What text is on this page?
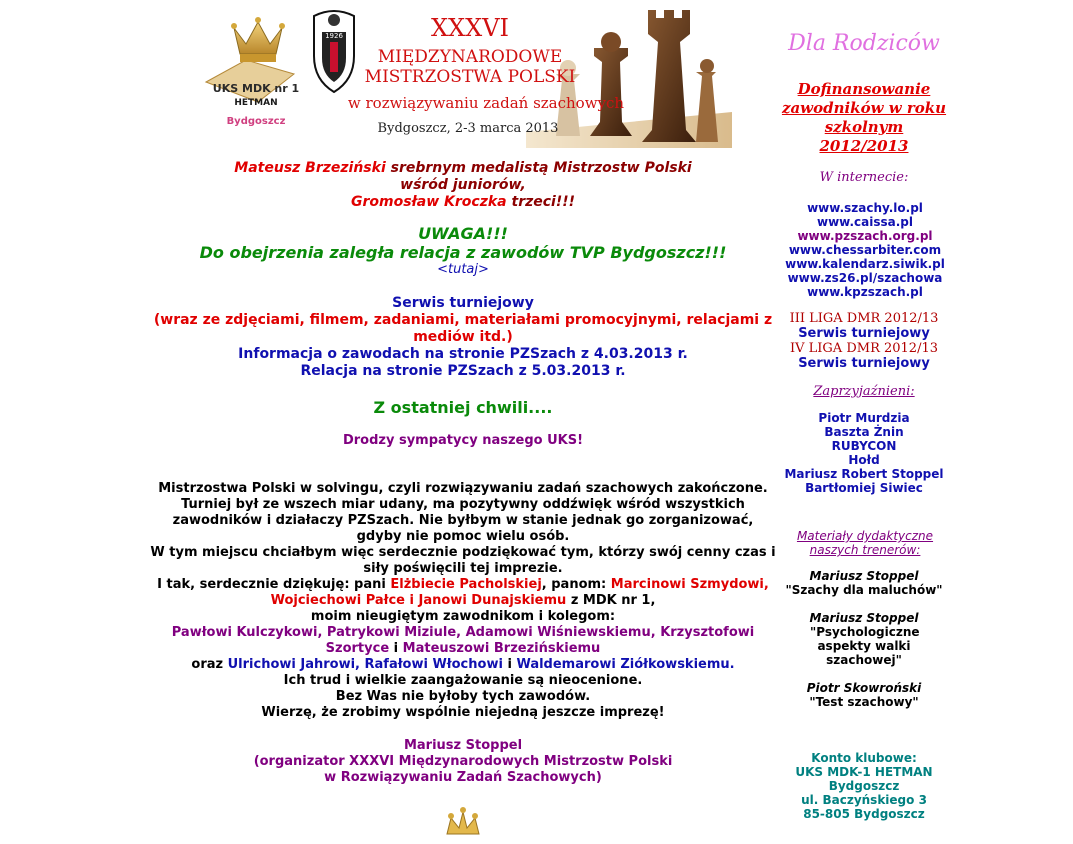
UKS MDK nr 1
HETMAN
Bydgoszcz
1926	XXXVI
MIĘDZYNARODOWE
MISTRZOSTWA POLSKI
w rozwiązywaniu zadań szachowych
Bydgoszcz, 2-3 marca 2013
Mateusz Brzeziński srebrnym medalistą Mistrzostw Polski
wśród juniorów,
Gromosław Kroczka trzeci!!!
UWAGA!!!
Do obejrzenia zaległa relacja z zawodów TVP Bydgoszcz!!!
<tutaj>
Serwis turniejowy
(wraz ze zdjęciami, filmem, zadaniami, materiałami promocyjnymi, relacjami z mediów itd.)
Informacja o zawodach na stronie PZSzach z 4.03.2013 r.
Relacja na stronie PZSzach z 5.03.2013 r.
Z ostatniej chwili....
Drodzy sympatycy naszego UKS!
Mistrzostwa Polski w solvingu, czyli rozwiązywaniu zadań szachowych zakończone.
Turniej był ze wszech miar udany, ma pozytywny oddźwięk wśród wszystkich zawodników i działaczy PZSzach. Nie byłbym w stanie jednak go zorganizować, gdyby nie pomoc wielu osób.
W tym miejscu chciałbym więc serdecznie podziękować tym, którzy swój cenny czas i siły poświęcili tej imprezie.
I tak, serdecznie dziękuję: pani Elżbiecie Pacholskiej, panom: Marcinowi Szmydowi, Wojciechowi Pałce i Janowi Dunajskiemu z MDK nr 1,
moim nieugiętym zawodnikom i kolegom:
Pawłowi Kulczykowi, Patrykowi Miziule, Adamowi Wiśniewskiemu, Krzysztofowi Szortyce i Mateuszowi Brzezińskiemu
oraz Ulrichowi Jahrowi, Rafałowi Włochowi i Waldemarowi Ziółkowskiemu.
Ich trud i wielkie zaangażowanie są nieocenione.
Bez Was nie byłoby tych zawodów.
Wierzę, że zrobimy wspólnie niejedną jeszcze imprezę!
Mariusz Stoppel
(organizator XXXVI Międzynarodowych Mistrzostw Polski
w Rozwiązywaniu Zadań Szachowych)
Dla Rodziców
Dofinansowanie zawodników w roku szkolnym 2012/2013
W internecie:
www.szachy.lo.pl
www.caissa.pl
www.pzszach.org.pl
www.chessarbiter.com
www.kalendarz.siwik.pl
www.zs26.pl/szachowa
www.kpzszach.pl
III LIGA DMR 2012/13
Serwis turniejowy
IV LIGA DMR 2012/13
Serwis turniejowy
Zaprzyjaźnieni:
Piotr Murdzia
Baszta Żnin
RUBYCON
Hołd
Mariusz Robert Stoppel
Bartłomiej Siwiec
Materiały dydaktyczne naszych trenerów:
Mariusz Stoppel
"Szachy dla maluchów"
Mariusz Stoppel
"Psychologiczne aspekty walki szachowej"
Piotr Skowroński
"Test szachowy"
Konto klubowe:
UKS MDK-1 HETMAN
Bydgoszcz
ul. Baczyńskiego 3
85-805 Bydgoszcz
